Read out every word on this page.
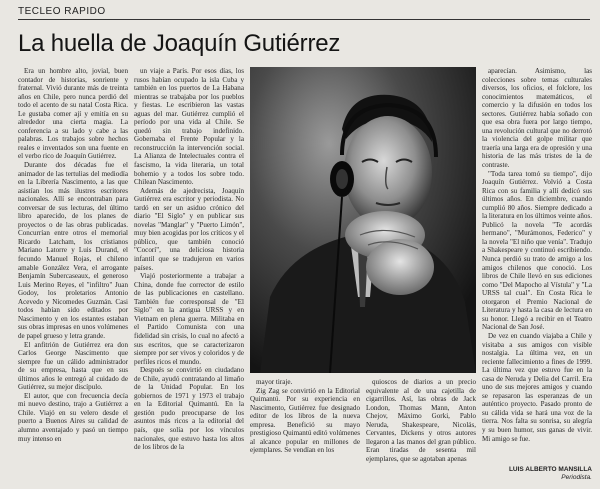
TECLEO RAPIDO
La huella de Joaquín Gutiérrez

Era un hombre alto, jovial, buen contador de historias, sonriente y fraternal. Vivió durante más de treinta años en Chile, pero nunca perdió del todo el acento de su natal Costa Rica. Le gustaba comer ají y emitía en su alrededor una cierta magia. La conferencia a su lado y cabe a las palabras. Los trabajos sobre hechos reales e inventados son una fuente en el verbo rico de Joaquín Gutiérrez.

Durante dos décadas fue el animador de las tertulias del mediodía en la Librería Nascimento, a las que asistían los más ilustres escritores nacionales. Allí se encontraban para conversar de sus lecturas, del último libro aparecido, de los planes de proyectos o de las obras publicadas. Concurrían entre otros el memorial Ricardo Latcham, los cristianos Mariano Latorre y Luis Durand, el fecundo Manuel Rojas, el chileno amable González Vera, el arrogante Benjamín Subercaseaux, el generoso Luis Merino Reyes, el "infiltro" Juan Godoy, los proletarios Antonio Acevedo y Nicomedes Guzmán. Casi todos habían sido editados por Nascimento y en los estantes estaban sus obras impresas en unos volúmenes de papel grueso y letra grande.

El anfitrión de Gutiérrez era don Carlos George Nascimento que siempre fue un cálido administrador de su empresa, hasta que en sus últimos años le entregó al cuidado de Gutiérrez, su mejor discípulo.

El autor, que con frecuencia decía mi nuevo destino, trajo a Gutiérrez a Chile. Viajó en su velero desde el puerto a Buenos Aires su calidad de alumno aventajado y pasó un tiempo muy intenso en

un viaje a París. Por esos días, los rusos habían ocupado la isla Cuba y también en los puertos de La Habana mientras se trabajaba por los pueblos y fiestas. Le escribieron las vastas aguas del mar. Gutiérrez cumplió el período por una vida al Chile. Se quedó sin trabajo indefinido. Gobernaba el Frente Popular y la reconstrucción la intervención social. La Alianza de Intelectuales contra el fascismo, la vida literaria, un total bohemio y a todos los sobre todo. Chilean Nascimento.

Además de ajedrecista, Joaquín Gutiérrez era escritor y periodista. No tardó en ser un asiduo crónico del diario "El Siglo" y en publicar sus novelas "Manglar" y "Puerto Limón", muy bien acogidas por los críticos y el público, que también conoció "Cocorí", una deliciosa historia infantil que se tradujeron en varios países.

Viajó posteriormente a trabajar a China, donde fue corrector de estilo de las publicaciones en castellano. También fue corresponsal de "El Siglo" en la antigua URSS y en Vietnam en plena guerra. Militaba en el Partido Comunista con una fidelidad sin crisis, lo cual no afectó a sus escritos, que se caracterizaron siempre por ser vivos y coloridos y de perfiles ricos el mundo.

Después se convirtió en ciudadano de Chile, ayudó contratando al limaño de la Unidad Popular. En los gobiernos de 1971 y 1973 el trabajo en la Editorial Quimantú. En la gestión pudo preocuparse de los asuntos más ricos a la editorial del país, que solía por los vínculos nacionales, que estuvo hasta los altos de los libros de la

mayor tiraje.

Zig Zag se convirtió en la Editorial Quimantú. Por su experiencia en Nascimento, Gutiérrez fue designado editor de los libros de la nueva empresa. Benefició su mayo prestigioso Quimantú editó volúmenes al alcance popular en millones de ejemplares. Se vendían en los

quioscos de diarios a un precio equivalente al de una cajetilla de cigarrillos. Así, las obras de Jack London, Thomas Mann, Anton Chejov, Máximo Gorki, Pablo Neruda, Shakespeare, Nicolás, Cervantes, Dickens y otros autores llegaron a las manos del gran público. Eran tiradas de sesenta mil ejemplares, que se agotaban apenas

aparecían. Asimismo, las colecciones sobre temas culturales diversos, los oficios, el folclore, los conocimientos matemáticos, el comercio y la difusión en todos los sectores. Gutiérrez había soñado con que esa obra fuera por largo tiempo, una revolución cultural que no derrotó la violencia del golpe militar que traería una larga era de opresión y una historia de las más tristes de la de contraste.

"Toda tarea tomó su tiempo", dijo Joaquín Gutiérrez. Volvió a Costa Rica con su familia y allí dedicó sus últimos años. En diciembre, cuando cumplió 80 años. Siempre dedicado a la literatura en los últimos veinte años. Publicó la novela "Te acordás hermano", "Murámonos, Federico" y la novela "El niño que venía". Tradujo a Shakespeare y continuó escribiendo. Nunca perdió su trato de amigo a los amigos chilenos que conoció. Los libros de Chile llevó en sus ediciones como "Del Mapocho al Vístula" y "La URSS tal cual". En Costa Rica le otorgaron el Premio Nacional de Literatura y hasta la casa de lectura en su honor. Llegó a recibir en el Teatro Nacional de San José.

De vez en cuando viajaba a Chile y visitaba a sus amigos con visible nostalgia. La última vez, en un reciente fallecimiento a fines de 1999. La última vez que estuvo fue en la casa de Neruda y Delia del Carril. Era uno de sus mejores amigos y cuando se repasaron las esperanzas de un auténtico proyecto. Pasado pronto de su cálida vida se hará una voz de la tierra. Nos falta su sonrisa, su alegría y su buen humor, sus ganas de vivir. Mi amigo se fue.

LUIS ALBERTO MANSILLA
Periodista.
